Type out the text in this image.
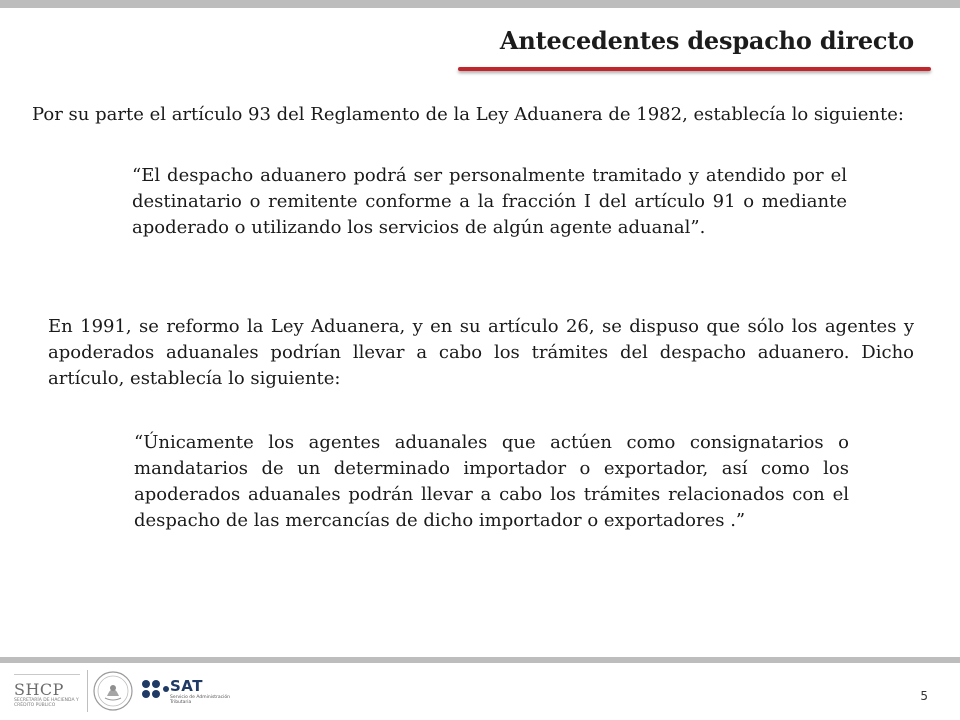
Antecedentes despacho directo
Por su parte el artículo 93 del Reglamento de la Ley Aduanera de 1982, establecía lo siguiente:
“El despacho aduanero podrá ser personalmente tramitado y atendido por el destinatario o remitente conforme a la fracción I del artículo 91 o mediante apoderado o utilizando los servicios de algún agente aduanal”.
En 1991, se reformo la Ley Aduanera, y en su artículo 26, se dispuso que sólo los agentes y apoderados aduanales podrían llevar a cabo los trámites del despacho aduanero. Dicho artículo, establecía lo siguiente:
“Únicamente los agentes aduanales que actúen como consignatarios o mandatarios de un determinado importador o exportador, así como los apoderados aduanales podrán llevar a cabo los trámites relacionados con el despacho de las mercancías de dicho importador o exportadores .”
SHCP
SECRETARÍA DE HACIENDA Y CRÉDITO PÚBLICO
SAT
Servicio de Administración Tributaria	5
